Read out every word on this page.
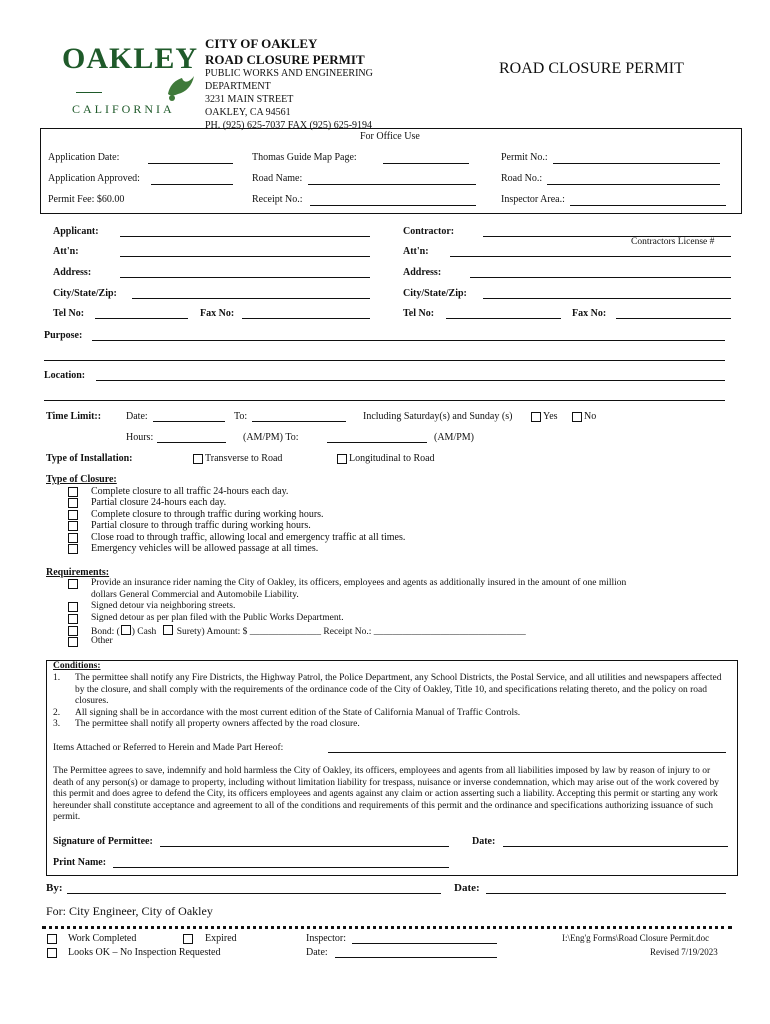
OAKLEY
CALIFORNIA
CITY OF OAKLEY
ROAD CLOSURE PERMIT
PUBLIC WORKS AND ENGINEERING
DEPARTMENT
3231 MAIN STREET
OAKLEY, CA 94561
PH. (925) 625-7037 FAX (925) 625-9194
ROAD CLOSURE PERMIT
For Office Use
Application Date:
Application Approved:
Permit Fee: $60.00
Thomas Guide Map Page:
Road Name:
Receipt No.:
Permit No.:
Road No.:
Inspector Area.:
Applicant:
Att'n:
Address:
City/State/Zip:
Tel No:	Fax No:
Contractor:
Contractors License #
Att'n:
Address:
City/State/Zip:
Tel No:	Fax No:
Purpose:
Location:
Time Limit:: Date:	To:	Including Saturday(s) and Sunday (s)	Yes	No
Hours:	(AM/PM) To:	(AM/PM)
Type of Installation:	Transverse to Road	Longitudinal to Road
Type of Closure:
Complete closure to all traffic 24-hours each day.
Partial closure 24-hours each day.
Complete closure to through traffic during working hours.
Partial closure to through traffic during working hours.
Close road to through traffic, allowing local and emergency traffic at all times.
Emergency vehicles will be allowed passage at all times.
Requirements:
Provide an insurance rider naming the City of Oakley, its officers, employees and agents as additionally insured in the amount of one million
dollars General Commercial and Automobile Liability.
Signed detour via neighboring streets.
Signed detour as per plan filed with the Public Works Department.
Bond: ( ) Cash Surety) Amount: $ _______________ Receipt No.: ________________________________
Other
Conditions:
1. The permittee shall notify any Fire Districts, the Highway Patrol, the Police Department, any School Districts, the Postal Service, and all utilities and newspapers affected by the closure, and shall comply with the requirements of the ordinance code of the City of Oakley, Title 10, and specifications relating thereto, and the policy on road closures.
2. All signing shall be in accordance with the most current edition of the State of California Manual of Traffic Controls.
3. The permittee shall notify all property owners affected by the road closure.
Items Attached or Referred to Herein and Made Part Hereof:
The Permittee agrees to save, indemnify and hold harmless the City of Oakley, its officers, employees and agents from all liabilities imposed by law by reason of injury to or death of any person(s) or damage to property, including without limitation liability for trespass, nuisance or inverse condemnation, which may arise out of the work covered by this permit and does agree to defend the City, its officers employees and agents against any claim or action asserting such a liability. Accepting this permit or starting any work hereunder shall constitute acceptance and agreement to all of the conditions and requirements of this permit and the ordinance and specifications authorizing issuance of such permit.
Signature of Permittee:	Date:
Print Name:
By:	Date:
For: City Engineer, City of Oakley
Work Completed	Expired
Looks OK – No Inspection Requested
Inspector:
Date:
I:\Eng'g Forms\Road Closure Permit.doc
Revised 7/19/2023
